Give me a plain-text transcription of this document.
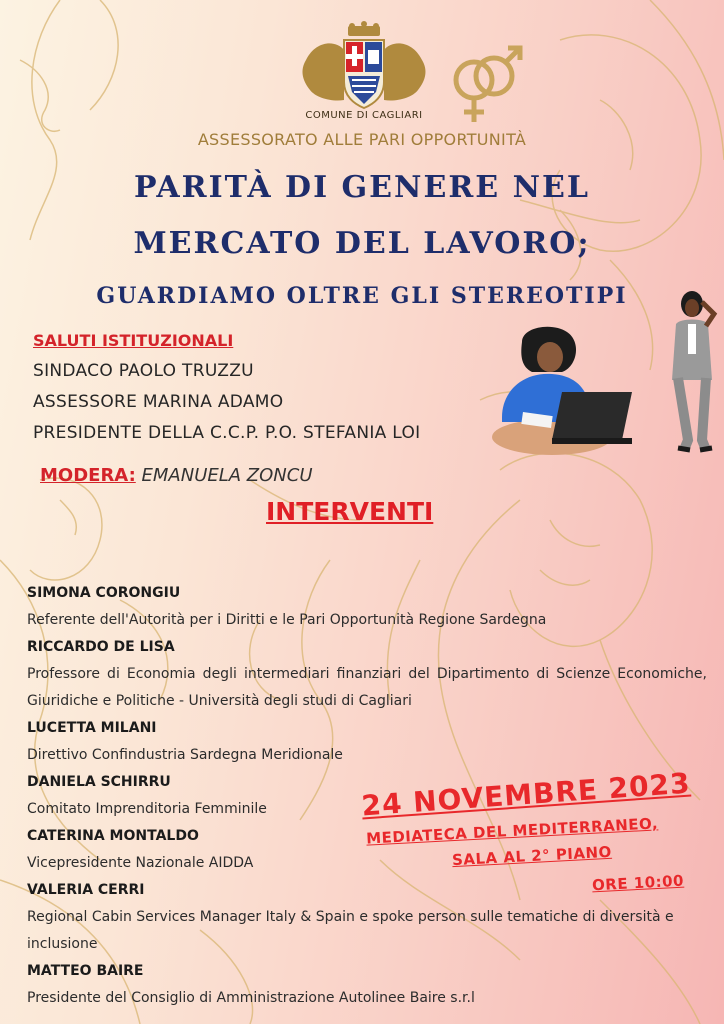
COMUNE DI CAGLIARI
ASSESSORATO ALLE PARI OPPORTUNITÀ
PARITÀ DI GENERE NEL
MERCATO DEL LAVORO;
GUARDIAMO OLTRE GLI STEREOTIPI
SALUTI ISTITUZIONALI
SINDACO PAOLO TRUZZU
ASSESSORE MARINA ADAMO
PRESIDENTE DELLA C.C.P. P.O. STEFANIA LOI
MODERA: EMANUELA ZONCU
INTERVENTI
SIMONA CORONGIU
Referente dell'Autorità per i Diritti e le Pari Opportunità Regione Sardegna
RICCARDO DE LISA
Professore di Economia degli intermediari finanziari del Dipartimento di Scienze Economiche, Giuridiche e Politiche - Università degli studi di Cagliari
LUCETTA MILANI
Direttivo Confindustria Sardegna Meridionale
DANIELA SCHIRRU
Comitato Imprenditoria Femminile
CATERINA MONTALDO
Vicepresidente Nazionale AIDDA
VALERIA CERRI
Regional Cabin Services Manager Italy & Spain e spoke person sulle tematiche di diversità e inclusione
MATTEO BAIRE
Presidente del Consiglio di Amministrazione Autolinee Baire s.r.l
24 NOVEMBRE 2023
MEDIATECA DEL MEDITERRANEO,
SALA AL 2° PIANO
ORE 10:00
